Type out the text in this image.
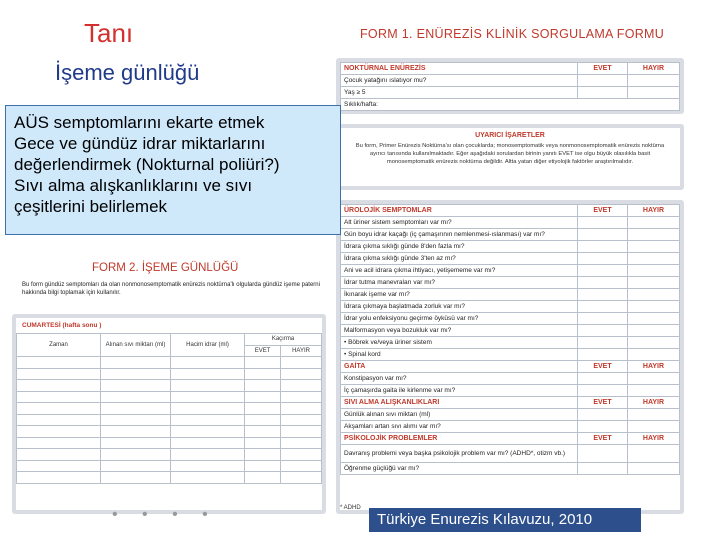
Tanı
İşeme günlüğü
AÜS semptomlarını ekarte etmek
Gece ve gündüz idrar miktarlarını
değerlendirmek (Nokturnal poliüri?)
Sıvı alma alışkanlıklarını ve sıvı
çeşitlerini belirlemek
FORM 1. ENÜREZİS KLİNİK SORGULAMA FORMU
NOKTÜRNAL ENÜREZİS	EVET	HAYIR
Çocuk yatağını ıslatıyor mu?		
Yaş ≥ 5		
Sıklık/hafta:		
UYARICI İŞARETLER
Bu form, Primer Enürezis Noktürna'sı olan çocuklarda; monosemptomatik veya nonmonosemptomatik enürezis noktürna ayırıcı tanısında kullanılmaktadır. Eğer aşağıdaki sorulardan birinin yanıtı EVET ise olgu büyük olasılıkla basit monosemptomatik enürezis noktürna değildir. Altta yatan diğer etiyolojik faktörler araştırılmalıdır.
ÜROLOJİK SEMPTOMLAR	EVET	HAYIR
Alt üriner sistem semptomları var mı?		
Gün boyu idrar kaçağı (iç çamaşırının nemlenmesi-ıslanması) var mı?		
İdrara çıkma sıklığı günde 8'den fazla mı?		
İdrara çıkma sıklığı günde 3'ten az mı?		
Ani ve acil idrara çıkma ihtiyacı, yetişememe var mı?		
İdrar tutma manevraları var mı?		
İkınarak işeme var mı?		
İdrara çıkmaya başlatmada zorluk var mı?		
İdrar yolu enfeksiyonu geçirme öyküsü var mı?		
Malformasyon veya bozukluk var mı?		
• Böbrek ve/veya üriner sistem		
• Spinal kord		
GAİTA	EVET	HAYIR
Konstipasyon var mı?		
İç çamaşırda gaita ile kirlenme var mı?		
SIVI ALMA ALIŞKANLIKLARI	EVET	HAYIR
Günlük alınan sıvı miktarı (ml)		
Akşamları artan sıvı alımı var mı?		
PSİKOLOJİK PROBLEMLER	EVET	HAYIR
Davranış problemi veya başka psikolojik problem var mı? (ADHD*, otizm vb.)		
Öğrenme güçlüğü var mı?		
FORM 2. İŞEME GÜNLÜĞÜ
Bu form gündüz semptomları da olan nonmonosemptomatik enürezis noktürna'lı olgularda gündüz işeme paterni hakkında bilgi toplamak için kullanılır.
CUMARTESİ (hafta sonu )
Zaman	Alınan sıvı miktarı (ml)	Hacim idrar (ml)	Kaçırma	
			EVET	HAYIR

• • • •	* ADHD
Türkiye Enurezis Kılavuzu, 2010
